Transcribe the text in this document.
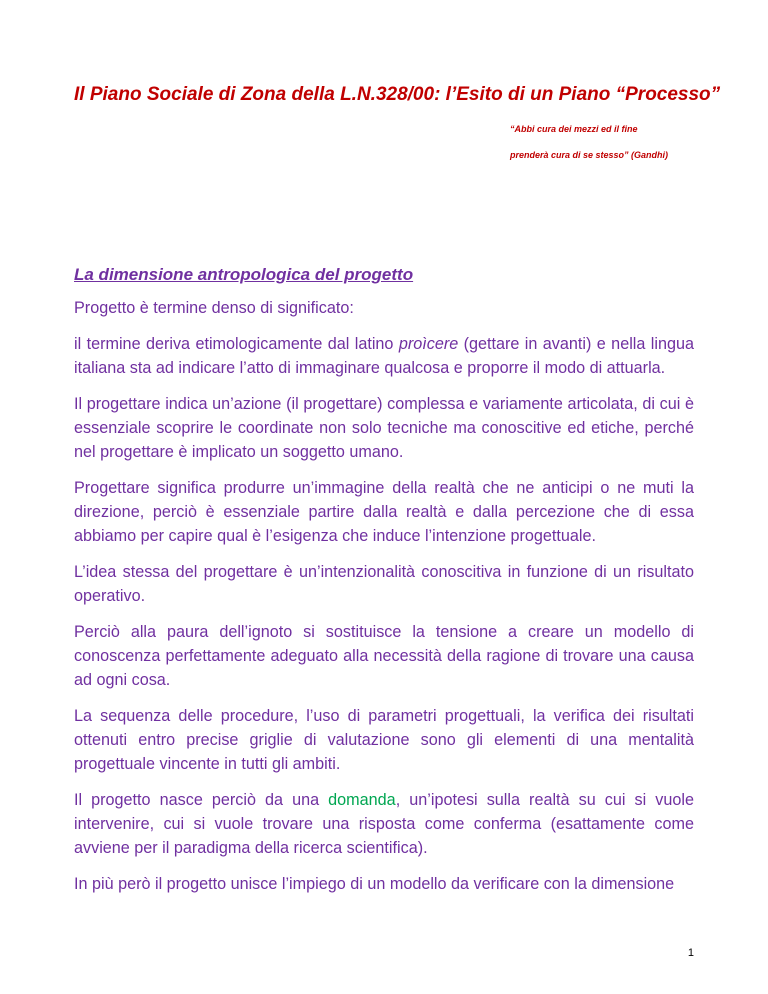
Il Piano Sociale di Zona della L.N.328/00: l’Esito di un Piano “Processo”

“Abbi cura dei mezzi ed il fine

prenderà cura di se stesso” (Gandhi)

La dimensione antropologica del progetto

Progetto è termine denso di significato:

il termine deriva etimologicamente dal latino proìcere (gettare in avanti) e nella lingua italiana sta ad indicare l’atto di immaginare qualcosa e proporre il modo di attuarla.

Il progettare indica un’azione (il progettare) complessa e variamente articolata, di cui è essenziale scoprire le coordinate non solo tecniche ma conoscitive ed etiche, perché nel progettare è implicato un soggetto umano.

Progettare significa produrre un’immagine della realtà che ne anticipi o ne muti la direzione, perciò è essenziale partire dalla realtà e dalla percezione che di essa abbiamo per capire qual è l’esigenza che induce l’intenzione progettuale.

L’idea stessa del progettare è un’intenzionalità conoscitiva in funzione di un risultato operativo.

Perciò alla paura dell’ignoto si sostituisce la tensione a creare un modello di conoscenza perfettamente adeguato alla necessità della ragione di trovare una causa ad ogni cosa.

La sequenza delle procedure, l’uso di parametri progettuali, la verifica dei risultati ottenuti entro precise griglie di valutazione sono gli elementi di una mentalità progettuale vincente in tutti gli ambiti.

Il progetto nasce perciò da una domanda, un’ipotesi sulla realtà su cui si vuole intervenire, cui si vuole trovare una risposta come conferma (esattamente come avviene per il paradigma della ricerca scientifica).

In più però il progetto unisce l’impiego di un modello da verificare con la dimensione

1
